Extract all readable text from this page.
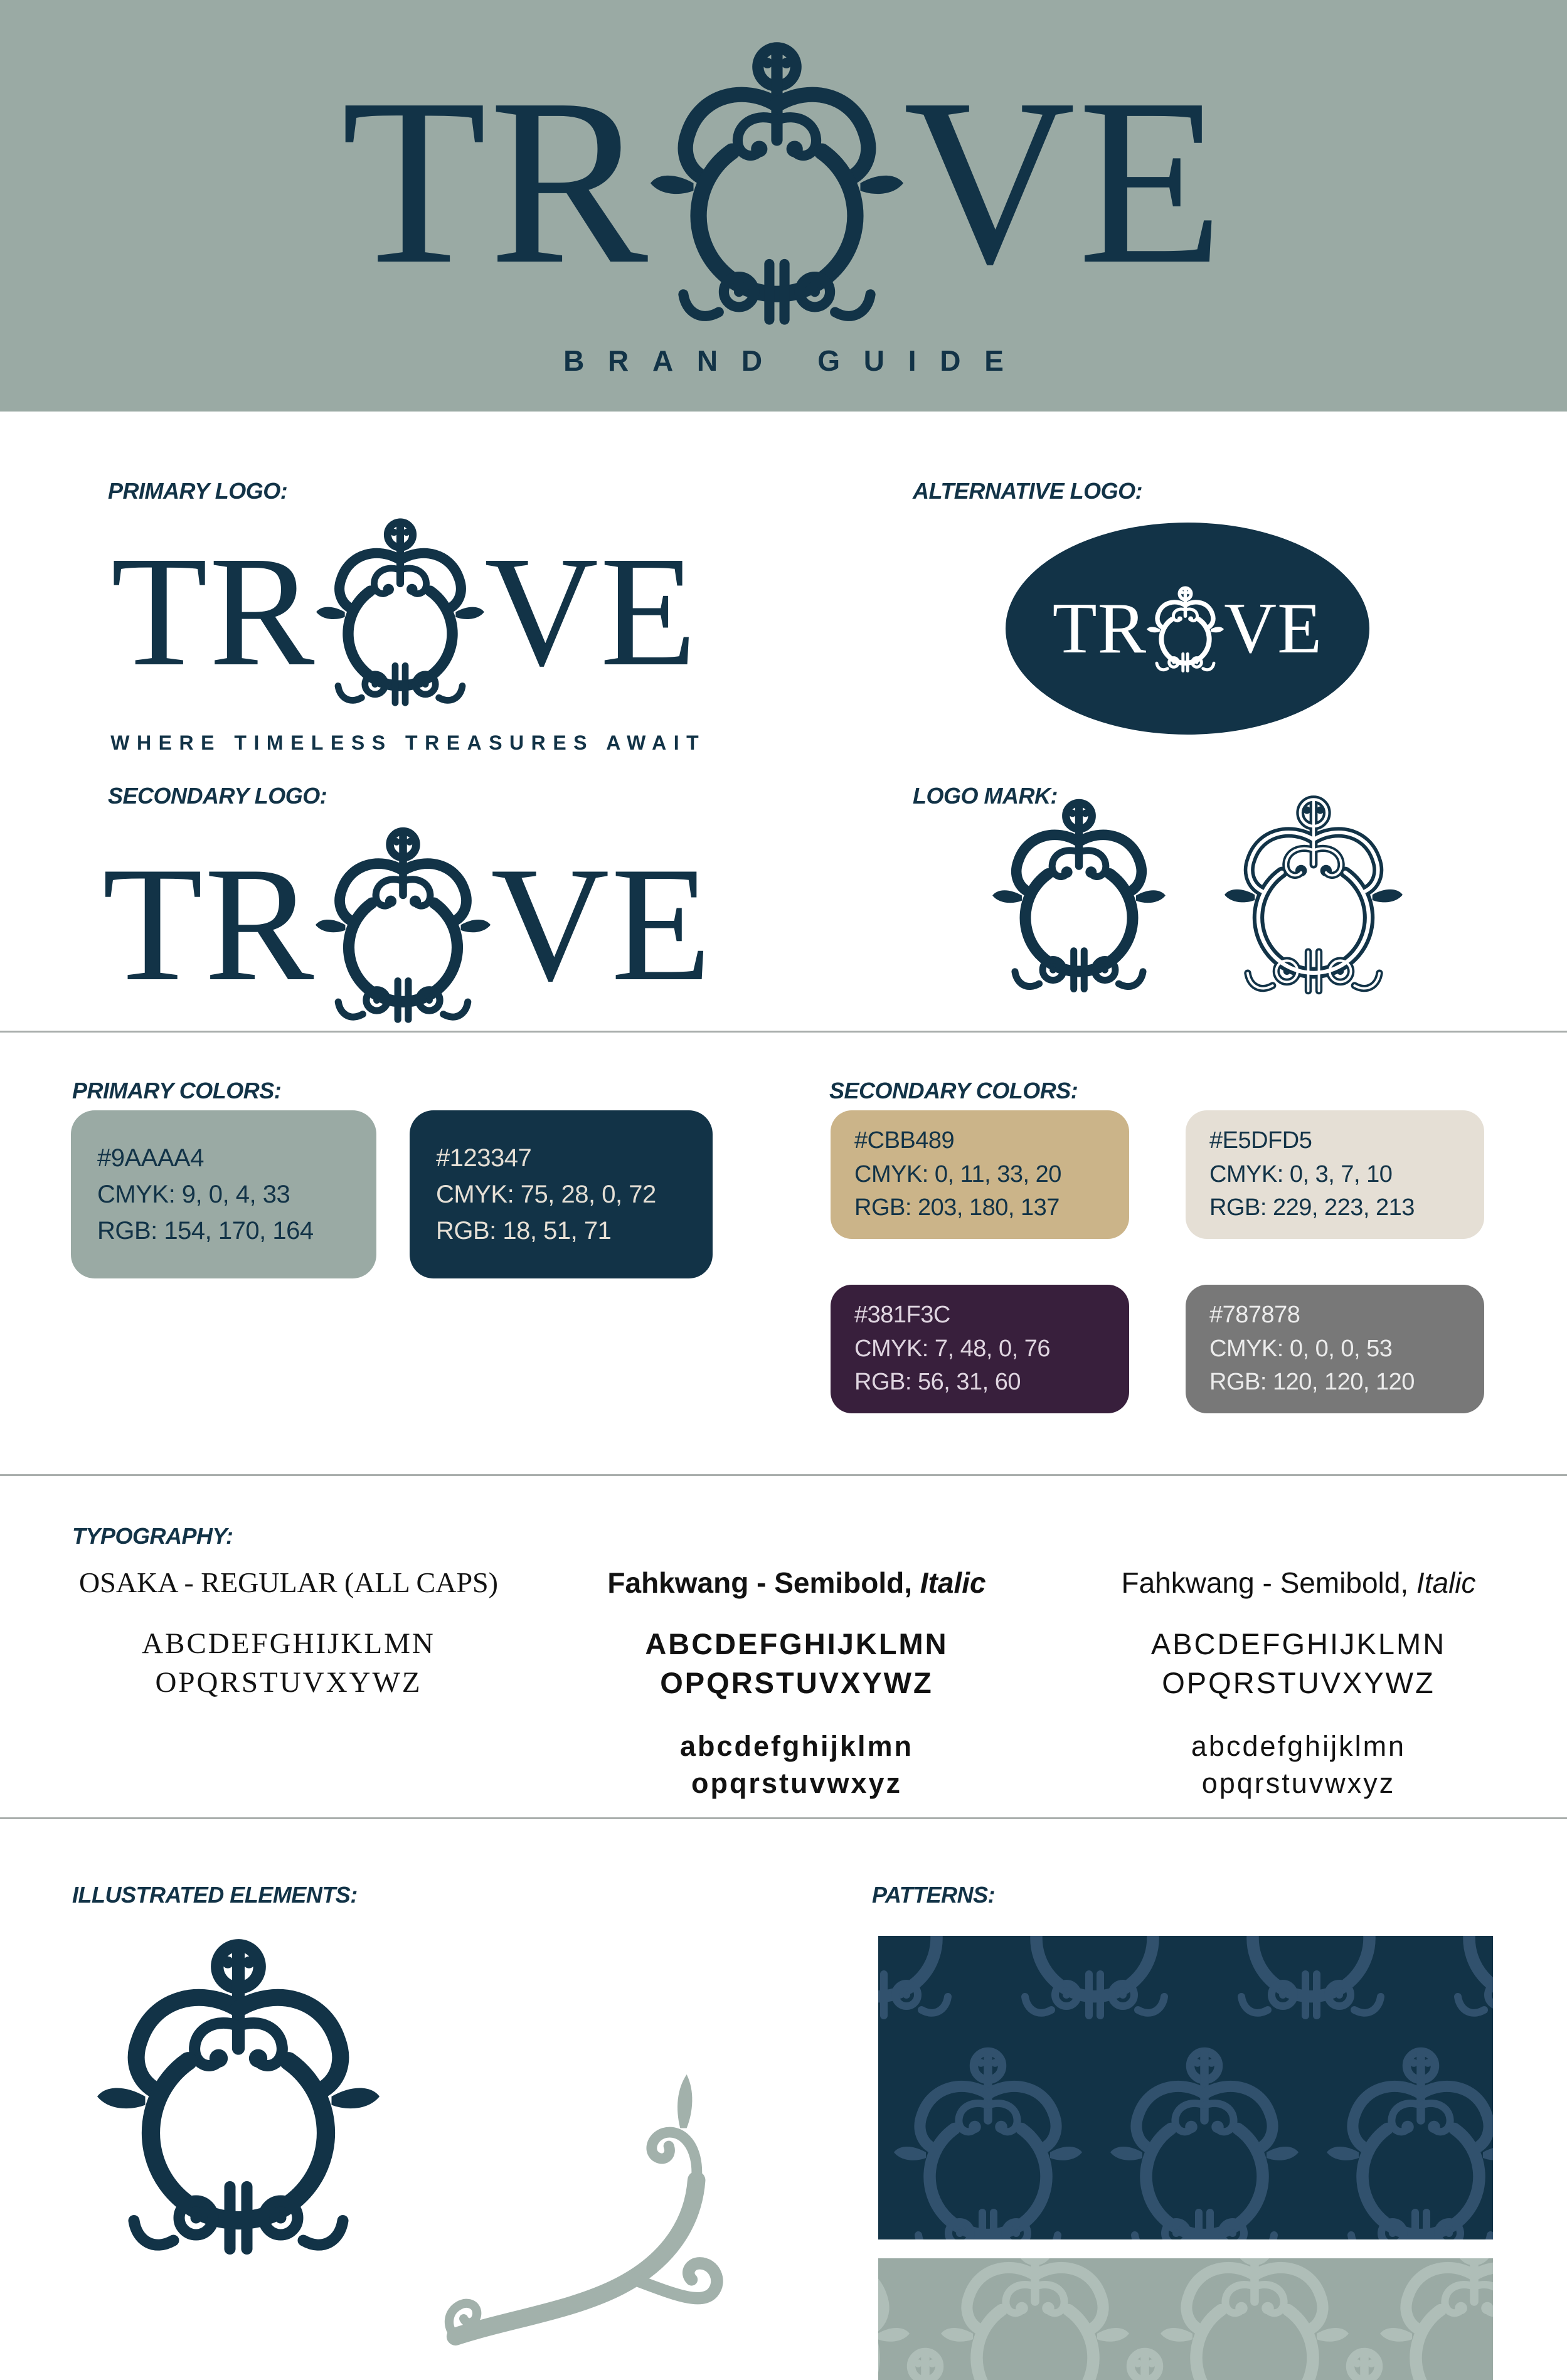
TR VE
BRAND GUIDE
PRIMARY LOGO:	ALTERNATIVE LOGO:
TR VE
WHERE TIMELESS TREASURES AWAIT
TR VE
SECONDARY LOGO:	LOGO MARK:
TR VE
PRIMARY COLORS:	SECONDARY COLORS:
#9AAAA4
CMYK: 9, 0, 4, 33
RGB: 154, 170, 164
#123347
CMYK: 75, 28, 0, 72
RGB: 18, 51, 71
#CBB489
CMYK: 0, 11, 33, 20
RGB: 203, 180, 137
#E5DFD5
CMYK: 0, 3, 7, 10
RGB: 229, 223, 213
#381F3C
CMYK: 7, 48, 0, 76
RGB: 56, 31, 60
#787878
CMYK: 0, 0, 0, 53
RGB: 120, 120, 120
TYPOGRAPHY:
OSAKA - REGULAR (ALL CAPS)
ABCDEFGHIJKLMN
OPQRSTUVXYWZ
Fahkwang - Semibold, Italic
ABCDEFGHIJKLMN
OPQRSTUVXYWZ
abcdefghijklmn
opqrstuvwxyz
Fahkwang - Semibold, Italic
ABCDEFGHIJKLMN
OPQRSTUVXYWZ
abcdefghijklmn
opqrstuvwxyz
ILLUSTRATED ELEMENTS:	PATTERNS:
